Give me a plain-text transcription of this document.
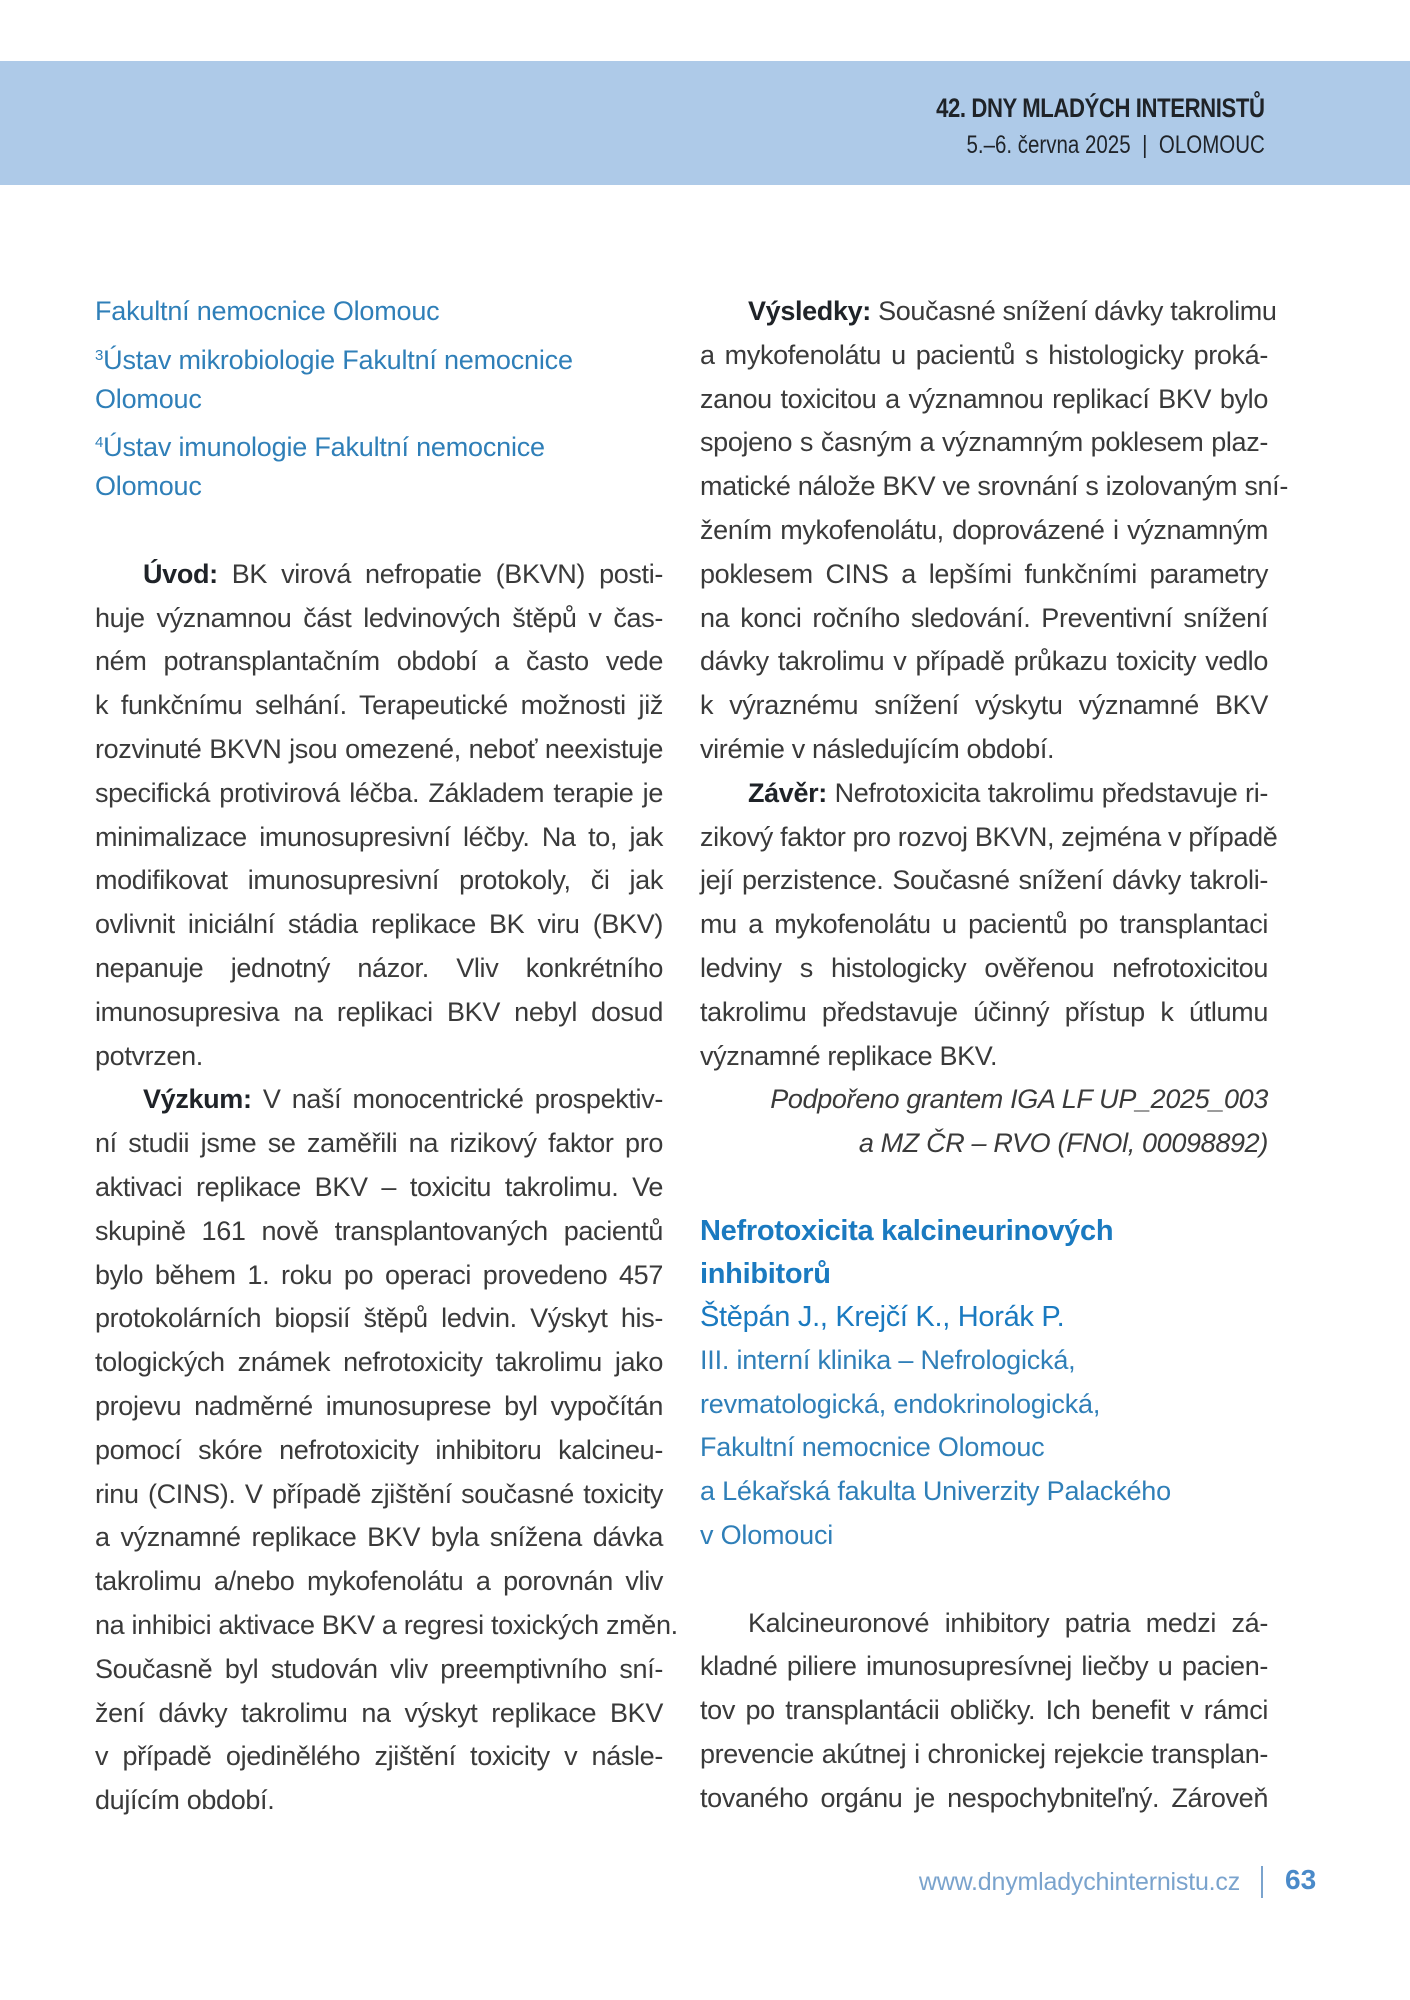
42. DNY MLADÝCH INTERNISTŮ
5.–6. června 2025 | OLOMOUC
Fakultní nemocnice Olomouc
$^3$Ústav mikrobiologie Fakultní nemocnice
Olomouc
$^4$Ústav imunologie Fakultní nemocnice
Olomouc
Úvod: BK virová nefropatie (BKVN) posti-
huje významnou část ledvinových štěpů v čas-
ném potransplantačním období a často vede
k funkčnímu selhání. Terapeutické možnosti již
rozvinuté BKVN jsou omezené, neboť neexistuje
specifická protivirová léčba. Základem terapie je
minimalizace imunosupresivní léčby. Na to, jak
modifikovat imunosupresivní protokoly, či jak
ovlivnit iniciální stádia replikace BK viru (BKV)
nepanuje jednotný názor. Vliv konkrétního
imunosupresiva na replikaci BKV nebyl dosud
potvrzen.
Výzkum: V naší monocentrické prospektiv-
ní studii jsme se zaměřili na rizikový faktor pro
aktivaci replikace BKV – toxicitu takrolimu. Ve
skupině 161 nově transplantovaných pacientů
bylo během 1. roku po operaci provedeno 457
protokolárních biopsií štěpů ledvin. Výskyt his-
tologických známek nefrotoxicity takrolimu jako
projevu nadměrné imunosuprese byl vypočítán
pomocí skóre nefrotoxicity inhibitoru kalcineu-
rinu (CINS). V případě zjištění současné toxicity
a významné replikace BKV byla snížena dávka
takrolimu a/nebo mykofenolátu a porovnán vliv
na inhibici aktivace BKV a regresi toxických změn.
Současně byl studován vliv preemptivního sní-
žení dávky takrolimu na výskyt replikace BKV
v případě ojedinělého zjištění toxicity v násle-
dujícím období.
Výsledky: Současné snížení dávky takrolimu
a mykofenolátu u pacientů s histologicky proká-
zanou toxicitou a významnou replikací BKV bylo
spojeno s časným a významným poklesem plaz-
matické nálože BKV ve srovnání s izolovaným sní-
žením mykofenolátu, doprovázené i významným
poklesem CINS a lepšími funkčními parametry
na konci ročního sledování. Preventivní snížení
dávky takrolimu v případě průkazu toxicity vedlo
k výraznému snížení výskytu významné BKV
virémie v následujícím období.
Závěr: Nefrotoxicita takrolimu představuje ri-
zikový faktor pro rozvoj BKVN, zejména v případě
její perzistence. Současné snížení dávky takroli-
mu a mykofenolátu u pacientů po transplantaci
ledviny s histologicky ověřenou nefrotoxicitou
takrolimu představuje účinný přístup k útlumu
významné replikace BKV.
Podpořeno grantem IGA LF UP_2025_003
a MZ ČR – RVO (FNOl, 00098892)
Nefrotoxicita kalcineurinových
inhibitorů
Štěpán J., Krejčí K., Horák P.
III. interní klinika – Nefrologická,
revmatologická, endokrinologická,
Fakultní nemocnice Olomouc
a Lékařská fakulta Univerzity Palackého
v Olomouci
Kalcineuronové inhibitory patria medzi zá-
kladné piliere imunosupresívnej liečby u pacien-
tov po transplantácii obličky. Ich benefit v rámci
prevencie akútnej i chronickej rejekcie transplan-
tovaného orgánu je nespochybniteľný. Zároveň
www.dnymladychinternistu.cz 63
